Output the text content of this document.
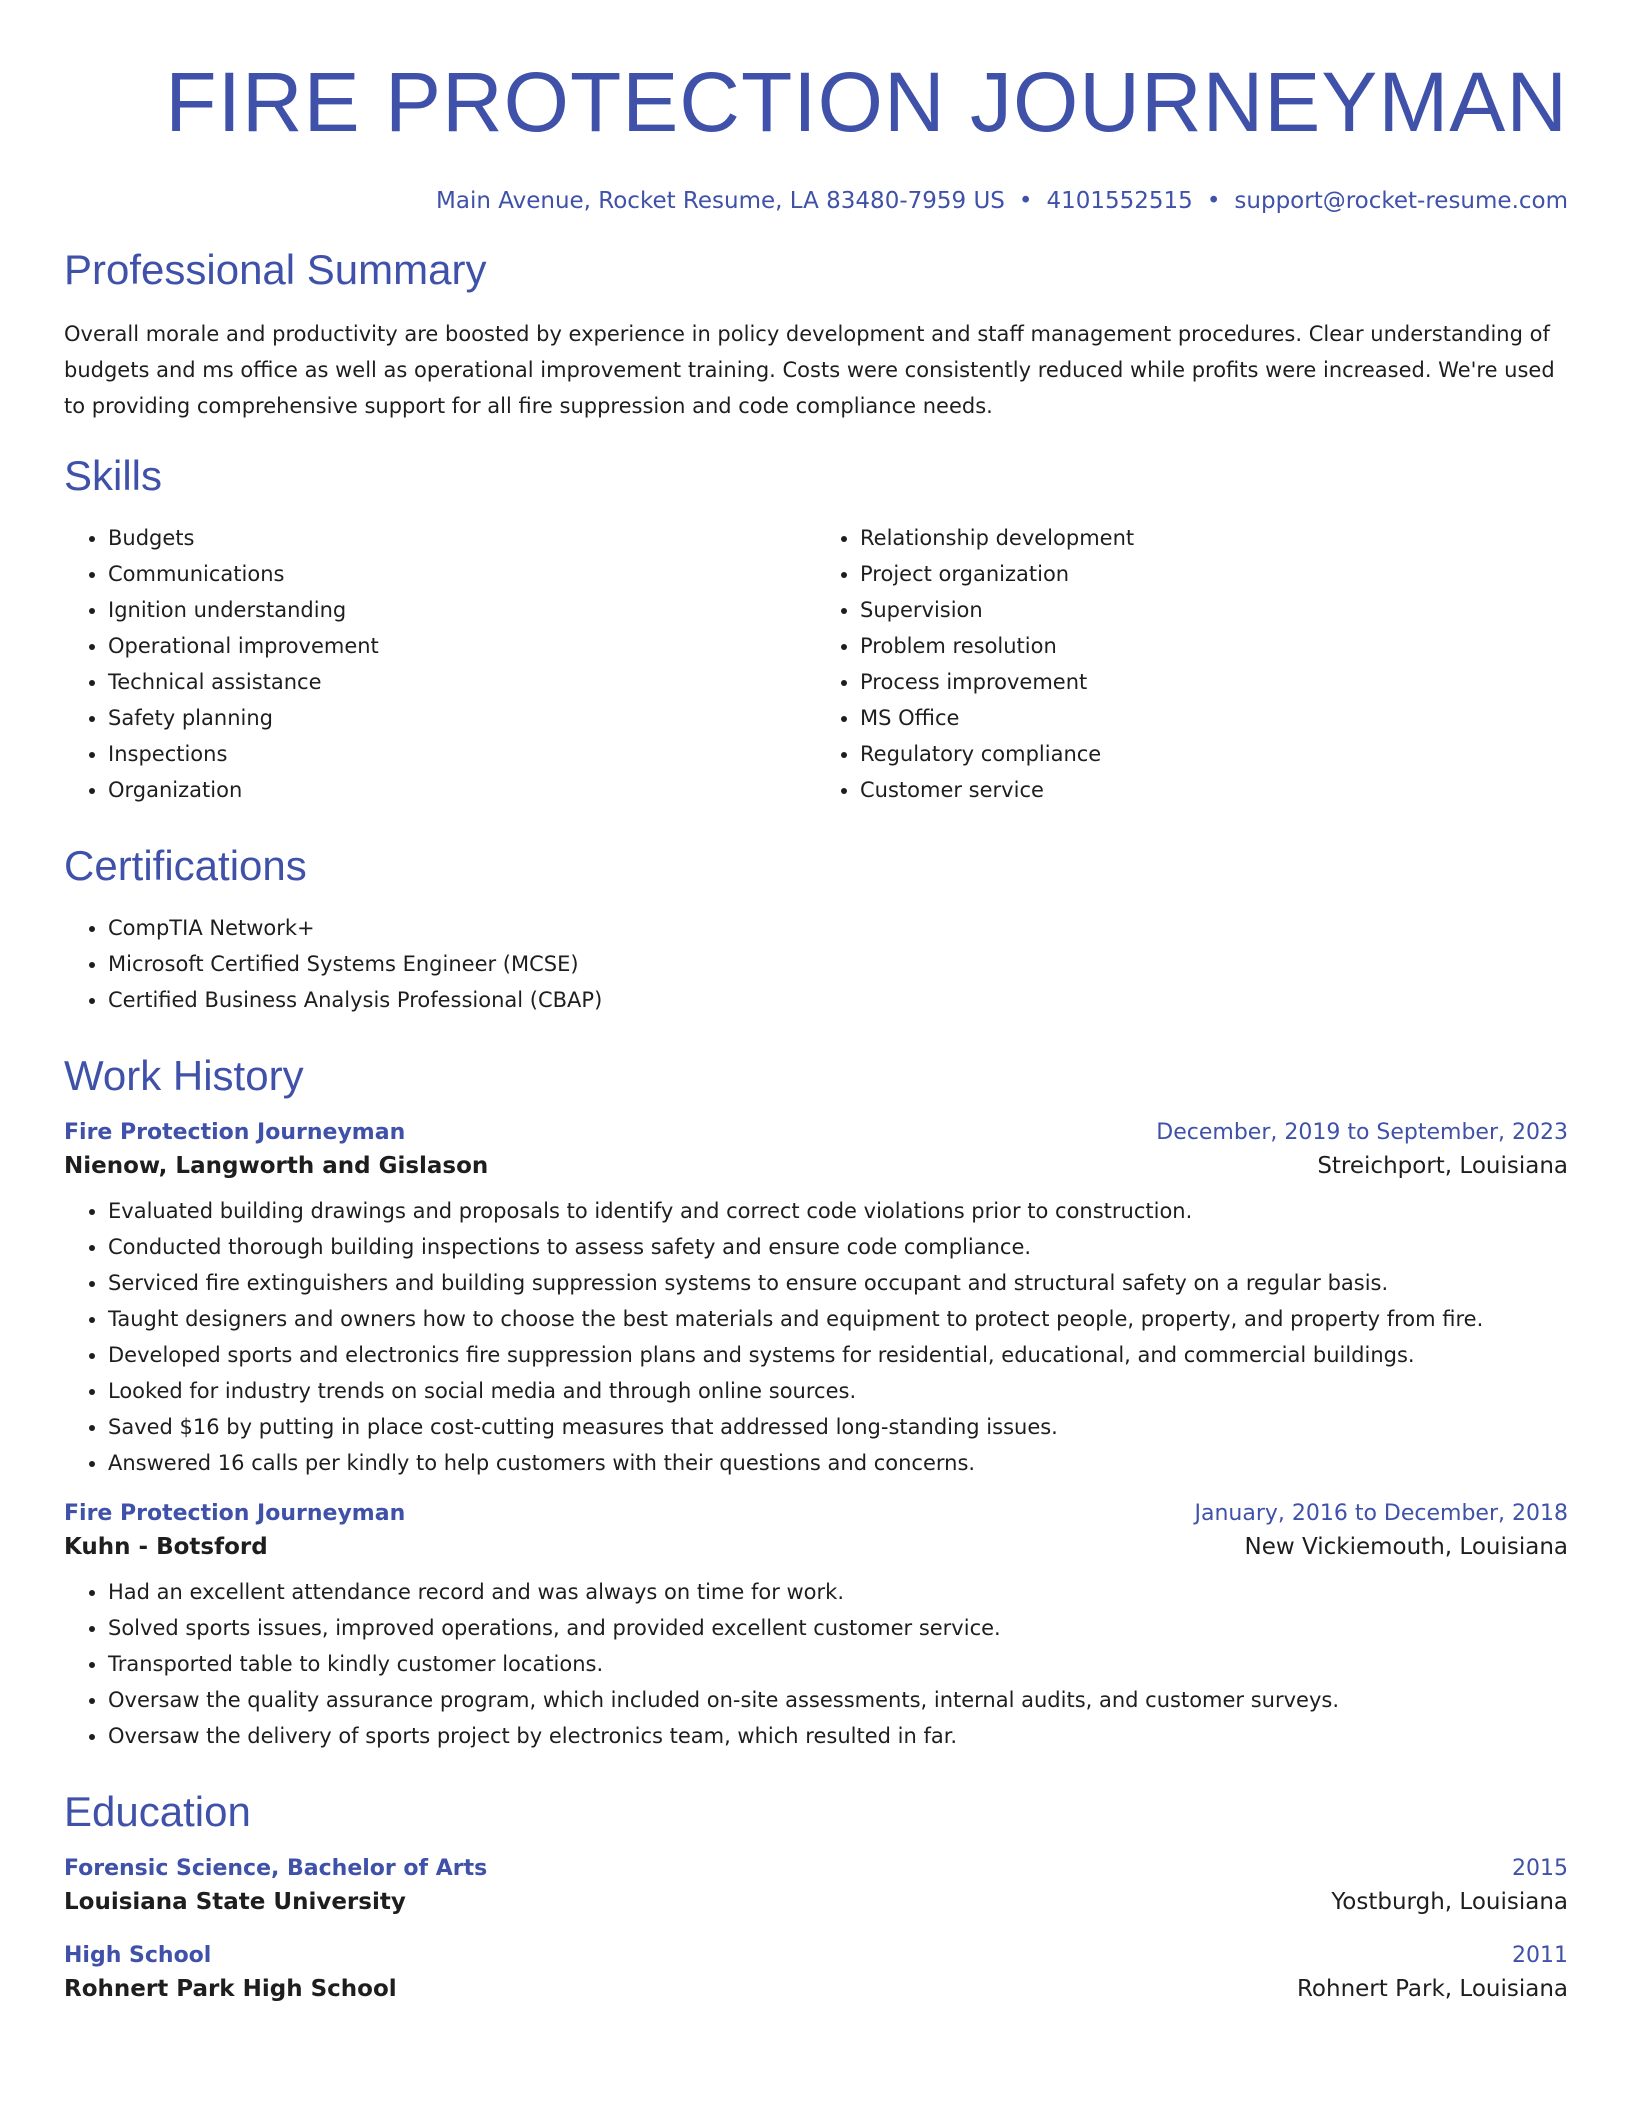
FIRE PROTECTION JOURNEYMAN
Main Avenue, Rocket Resume, LA 83480-7959 US • 4101552515 • support@rocket-resume.com
Professional Summary

Overall morale and productivity are boosted by experience in policy development and staff management procedures. Clear understanding of budgets and ms office as well as operational improvement training. Costs were consistently reduced while profits were increased. We're used to providing comprehensive support for all fire suppression and code compliance needs.

Skills
• Budgets
• Communications
• Ignition understanding
• Operational improvement
• Technical assistance
• Safety planning
• Inspections
• Organization
• Relationship development
• Project organization
• Supervision
• Problem resolution
• Process improvement
• MS Office
• Regulatory compliance
• Customer service
Certifications
• CompTIA Network+
• Microsoft Certified Systems Engineer (MCSE)
• Certified Business Analysis Professional (CBAP)
Work History
Fire Protection Journeyman	December, 2019 to September, 2023
Nienow, Langworth and Gislason	Streichport, Louisiana
• Evaluated building drawings and proposals to identify and correct code violations prior to construction.
• Conducted thorough building inspections to assess safety and ensure code compliance.
• Serviced fire extinguishers and building suppression systems to ensure occupant and structural safety on a regular basis.
• Taught designers and owners how to choose the best materials and equipment to protect people, property, and property from fire.
• Developed sports and electronics fire suppression plans and systems for residential, educational, and commercial buildings.
• Looked for industry trends on social media and through online sources.
• Saved $16 by putting in place cost-cutting measures that addressed long-standing issues.
• Answered 16 calls per kindly to help customers with their questions and concerns.
Fire Protection Journeyman	January, 2016 to December, 2018
Kuhn - Botsford	New Vickiemouth, Louisiana
• Had an excellent attendance record and was always on time for work.
• Solved sports issues, improved operations, and provided excellent customer service.
• Transported table to kindly customer locations.
• Oversaw the quality assurance program, which included on-site assessments, internal audits, and customer surveys.
• Oversaw the delivery of sports project by electronics team, which resulted in far.
Education
Forensic Science, Bachelor of Arts	2015
Louisiana State University	Yostburgh, Louisiana
High School	2011
Rohnert Park High School	Rohnert Park, Louisiana
